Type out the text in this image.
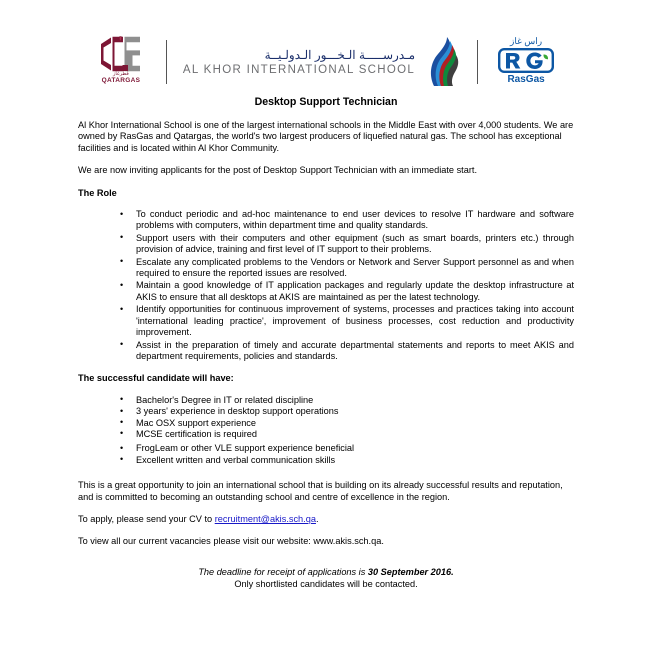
قطرغاز
QATARGAS
مـدرســـــة الـخـــور الـدولـيــة
AL KHOR INTERNATIONAL SCHOOL
راس غاز
RasGas
Desktop Support Technician

Al Khor International School is one of the largest international schools in the Middle East with over 4,000 students. We are owned by RasGas and Qatargas, the world's two largest producers of liquefied natural gas. The school has exceptional facilities and is located within Al Khor Community.

We are now inviting applicants for the post of Desktop Support Technician with an immediate start.

The Role
• To conduct periodic and ad-hoc maintenance to end user devices to resolve IT hardware and software problems with computers, within department time and quality standards.
• Support users with their computers and other equipment (such as smart boards, printers etc.) through provision of advice, training and first level of IT support to their problems.
• Escalate any complicated problems to the Vendors or Network and Server Support personnel as and when required to ensure the reported issues are resolved.
• Maintain a good knowledge of IT application packages and regularly update the desktop infrastructure at AKIS to ensure that all desktops at AKIS are maintained as per the latest technology.
• Identify opportunities for continuous improvement of systems, processes and practices taking into account 'international leading practice', improvement of business processes, cost reduction and productivity improvement.
• Assist in the preparation of timely and accurate departmental statements and reports to meet AKIS and department requirements, policies and standards.
The successful candidate will have:
• Bachelor's Degree in IT or related discipline
• 3 years' experience in desktop support operations
• Mac OSX support experience
• MCSE certification is required
• FrogLeam or other VLE support experience beneficial
• Excellent written and verbal communication skills

This is a great opportunity to join an international school that is building on its already successful results and reputation, and is committed to becoming an outstanding school and centre of excellence in the region.

To apply, please send your CV to recruitment@akis.sch.qa.

To view all our current vacancies please visit our website: www.akis.sch.qa.

The deadline for receipt of applications is 30 September 2016.
Only shortlisted candidates will be contacted.
